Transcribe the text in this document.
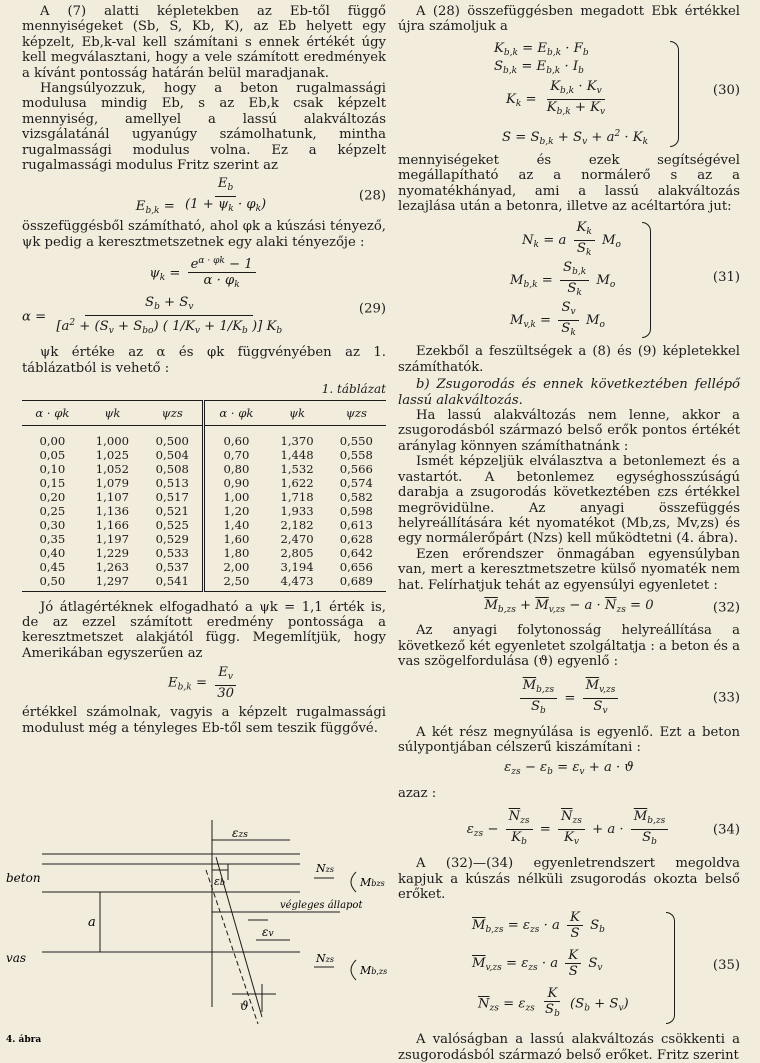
A (7) alatti képletekben az Eb-től függő mennyiségeket (Sb, S, Kb, K), az Eb helyett egy képzelt, Eb,k-val kell számítani s ennek értékét úgy kell megválasztani, hogy a vele számított eredmények a kívánt pontosság határán belül maradjanak.

Hangsúlyozzuk, hogy a beton rugalmassági modulusa mindig Eb, s az Eb,k csak képzelt mennyiség, amellyel a lassú alakváltozás vizsgálatánál ugyanúgy számolhatunk, mintha rugalmassági modulus volna. Ez a képzelt rugalmassági modulus Fritz szerint az

$E_{b,k} = \frac{E_b}{(1 + \psi_k \cdot \varphi_k)}$	(28)

összefüggésből számítható, ahol φk a kúszási tényező, ψk pedig a keresztmetszetnek egy alaki tényezője :

$\psi_k = \frac{e^{\alpha \cdot \varphi k} - 1}{\alpha \cdot \varphi_k}$
$\alpha = \frac{S_b + S_v}{[a^2 + (S_v + S_{bo}) ( 1/K_v + 1/K_b )] K_b}$	(29)

ψk értéke az α és φk függvényében az 1. táblázatból is vehető :

1. táblázat
α · φk	ψk	ψzs	α · φk	ψk	ψzs
0,00	1,000	0,500	0,60	1,370	0,550
0,05	1,025	0,504	0,70	1,448	0,558
0,10	1,052	0,508	0,80	1,532	0,566
0,15	1,079	0,513	0,90	1,622	0,574
0,20	1,107	0,517	1,00	1,718	0,582
0,25	1,136	0,521	1,20	1,933	0,598
0,30	1,166	0,525	1,40	2,182	0,613
0,35	1,197	0,529	1,60	2,470	0,628
0,40	1,229	0,533	1,80	2,805	0,642
0,45	1,263	0,537	2,00	3,194	0,656
0,50	1,297	0,541	2,50	4,473	0,689

Jó átlagértéknek elfogadható a ψk = 1,1 érték is, de az ezzel számított eredmény pontossága a keresztmetszet alakjától függ. Megemlítjük, hogy Amerikában egyszerűen az

$E_{b,k} = \frac{E_v}{30}$

értékkel számolnak, vagyis a képzelt rugalmassági modulust még a tényleges Eb-től sem teszik függővé.

beton
vas
a
végleges állapot
εzs
εb
εv
ϑ
Nzs
Nzs
Mbzs
Mb,zs
4. ábra

A (28) összefüggésben megadott Ebk értékkel újra számoljuk a

$K_{b,k} = E_{b,k} \cdot F_b$
$S_{b,k} = E_{b,k} \cdot I_b$
$K_k = \frac{K_{b,k} \cdot K_v}{K_{b,k} + K_v}$
$S = S_{b,k} + S_v + a^2 \cdot K_k$
(30)

mennyiségeket és ezek segítségével megállapítható az a normálerő s az a nyomatékhányad, ami a lassú alakváltozás lezajlása után a betonra, illetve az acéltartóra jut:

$N_k = a \frac{K_k}{S_k} M_o$
$M_{b,k} = \frac{S_{b,k}}{S_k} M_o$
$M_{v,k} = \frac{S_v}{S_k} M_o$
(31)

Ezekből a feszültségek a (8) és (9) képletekkel számíthatók.

b) Zsugorodás és ennek következtében fellépő lassú alakváltozás.

Ha lassú alakváltozás nem lenne, akkor a zsugorodásból származó belső erők pontos értékét aránylag könnyen számíthatnánk :

Ismét képzeljük elválasztva a betonlemezt és a vastartót. A betonlemez egységhosszúságú darabja a zsugorodás következtében εzs értékkel megrövidülne. Az anyagi összefüggés helyreállítására két nyomatékot (Mb,zs, Mv,zs) és egy normálerőpárt (Nzs) kell működtetni (4. ábra).

Ezen erőrendszer önmagában egyensúlyban van, mert a keresztmetszetre külső nyomaték nem hat. Felírhatjuk tehát az egyensúlyi egyenletet :

$\overline{M}_{b,zs} + \overline{M}_{v,zs} - a \cdot \overline{N}_{zs} = 0$	(32)

Az anyagi folytonosság helyreállítása a következő két egyenletet szolgáltatja : a beton és a vas szögelfordulása (ϑ) egyenlő :

$\frac{\overline{M}_{b,zs}}{S_b} = \frac{\overline{M}_{v,zs}}{S_v}$	(33)

A két rész megnyúlása is egyenlő. Ezt a beton súlypontjában célszerű kiszámítani :

$\varepsilon_{zs} - \varepsilon_b = \varepsilon_v + a \cdot ϑ$

azaz :

$\varepsilon_{zs} - \frac{\overline{N}_{zs}}{K_b} = \frac{\overline{N}_{zs}}{K_v} + a \cdot \frac{\overline{M}_{b,zs}}{S_b}$	(34)

A (32)—(34) egyenletrendszert megoldva kapjuk a kúszás nélküli zsugorodás okozta belső erőket.

$\overline{M}_{b,zs} = \varepsilon_{zs} \cdot a \frac{K}{S} S_b$
$\overline{M}_{v,zs} = \varepsilon_{zs} \cdot a \frac{K}{S} S_v$
$\overline{N}_{zs} = \varepsilon_{zs} \frac{K}{S_b} (S_b + S_v)$
(35)

A valóságban a lassú alakváltozás csökkenti a zsugorodásból származó belső erőket. Fritz szerint
